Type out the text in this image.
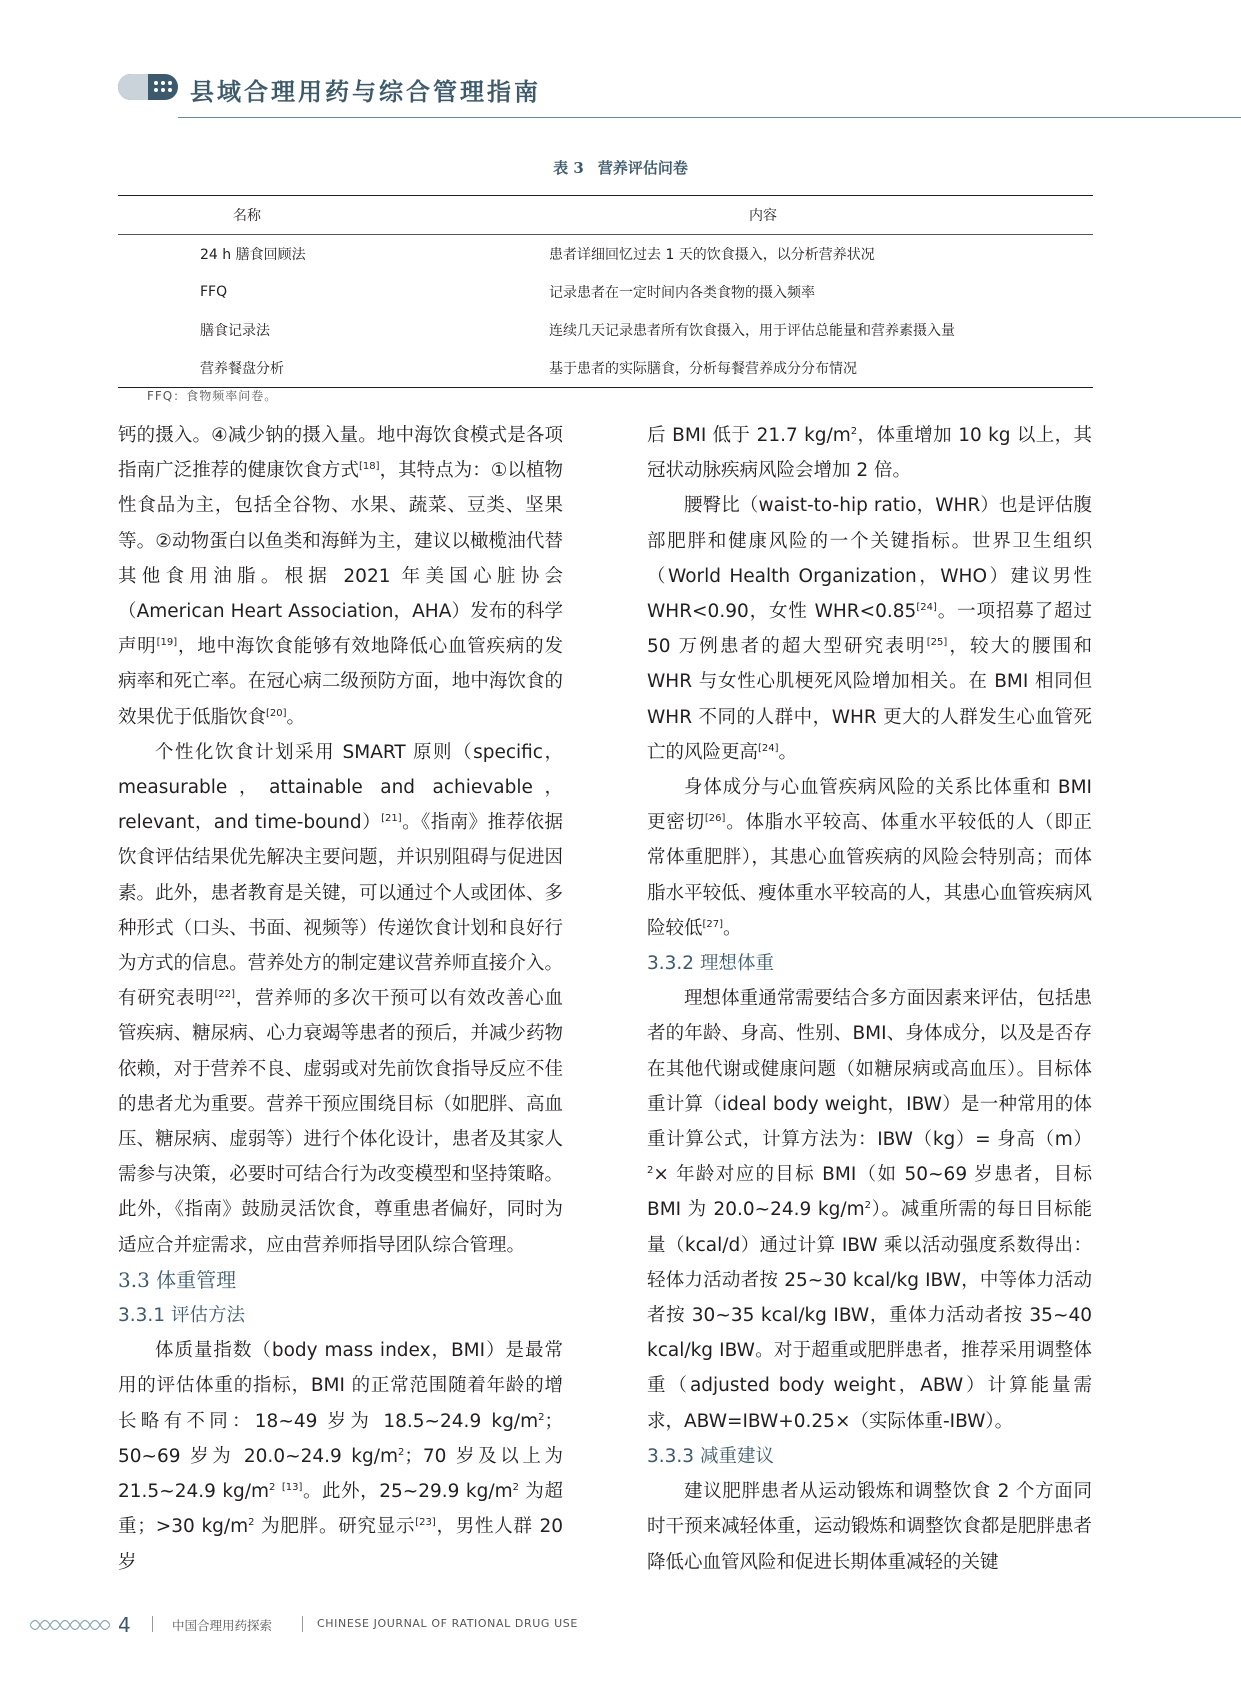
县域合理用药与综合管理指南
表 3 营养评估问卷
名称	内容
24 h 膳食回顾法	患者详细回忆过去 1 天的饮食摄入，以分析营养状况
FFQ	记录患者在一定时间内各类食物的摄入频率
膳食记录法	连续几天记录患者所有饮食摄入，用于评估总能量和营养素摄入量
营养餐盘分析	基于患者的实际膳食，分析每餐营养成分分布情况
FFQ：食物频率问卷。

钙的摄入。④减少钠的摄入量。地中海饮食模式是各项指南广泛推荐的健康饮食方式[18]，其特点为：①以植物性食品为主，包括全谷物、水果、蔬菜、豆类、坚果等。②动物蛋白以鱼类和海鲜为主，建议以橄榄油代替其他食用油脂。根据 2021 年美国心脏协会（American Heart Association，AHA）发布的科学声明[19]，地中海饮食能够有效地降低心血管疾病的发病率和死亡率。在冠心病二级预防方面，地中海饮食的效果优于低脂饮食[20]。

个性化饮食计划采用 SMART 原则（specific，measurable，attainable and achievable，relevant，and time-bound）[21]。《指南》推荐依据饮食评估结果优先解决主要问题，并识别阻碍与促进因素。此外，患者教育是关键，可以通过个人或团体、多种形式（口头、书面、视频等）传递饮食计划和良好行为方式的信息。营养处方的制定建议营养师直接介入。有研究表明[22]，营养师的多次干预可以有效改善心血管疾病、糖尿病、心力衰竭等患者的预后，并减少药物依赖，对于营养不良、虚弱或对先前饮食指导反应不佳的患者尤为重要。营养干预应围绕目标（如肥胖、高血压、糖尿病、虚弱等）进行个体化设计，患者及其家人需参与决策，必要时可结合行为改变模型和坚持策略。此外，《指南》鼓励灵活饮食，尊重患者偏好，同时为适应合并症需求，应由营养师指导团队综合管理。

3.3 体重管理
3.3.1 评估方法

体质量指数（body mass index，BMI）是最常用的评估体重的指标，BMI 的正常范围随着年龄的增长略有不同：18~49 岁为 18.5~24.9 $kg/m^2$；50~69 岁为 20.0~24.9 $kg/m^2$；70 岁及以上为 21.5~24.9 $kg/m^2$ [13]。此外，25~29.9 $kg/m^2$ 为超重；>30 $kg/m^2$ 为肥胖。研究显示[23]，男性人群 20 岁

后 BMI 低于 21.7 $kg/m^2$，体重增加 10 kg 以上，其冠状动脉疾病风险会增加 2 倍。

腰臀比（waist-to-hip ratio，WHR）也是评估腹部肥胖和健康风险的一个关键指标。世界卫生组织（World Health Organization，WHO）建议男性 WHR<0.90，女性 WHR<0.85[24]。一项招募了超过 50 万例患者的超大型研究表明[25]，较大的腰围和 WHR 与女性心肌梗死风险增加相关。在 BMI 相同但 WHR 不同的人群中，WHR 更大的人群发生心血管死亡的风险更高[24]。

身体成分与心血管疾病风险的关系比体重和 BMI 更密切[26]。体脂水平较高、体重水平较低的人（即正常体重肥胖），其患心血管疾病的风险会特别高；而体脂水平较低、瘦体重水平较高的人，其患心血管疾病风险较低[27]。

3.3.2 理想体重

理想体重通常需要结合多方面因素来评估，包括患者的年龄、身高、性别、BMI、身体成分，以及是否存在其他代谢或健康问题（如糖尿病或高血压）。目标体重计算（ideal body weight，IBW）是一种常用的体重计算公式，计算方法为：IBW（kg）= 身高$(m)^2\times$ 年龄对应的目标 BMI（如 50~69 岁患者，目标 BMI 为 20.0~24.9 $kg/m^2$）。减重所需的每日目标能量（kcal/d）通过计算 IBW 乘以活动强度系数得出：轻体力活动者按 25~30 kcal/kg IBW，中等体力活动者按 30~35 kcal/kg IBW，重体力活动者按 35~40 kcal/kg IBW。对于超重或肥胖患者，推荐采用调整体重（adjusted body weight，ABW）计算能量需求，ABW=IBW+0.25×（实际体重-IBW）。

3.3.3 减重建议

建议肥胖患者从运动锻炼和调整饮食 2 个方面同时干预来减轻体重，运动锻炼和调整饮食都是肥胖患者降低心血管风险和促进长期体重减轻的关键

4	中国合理用药探索	CHINESE JOURNAL OF RATIONAL DRUG USE
